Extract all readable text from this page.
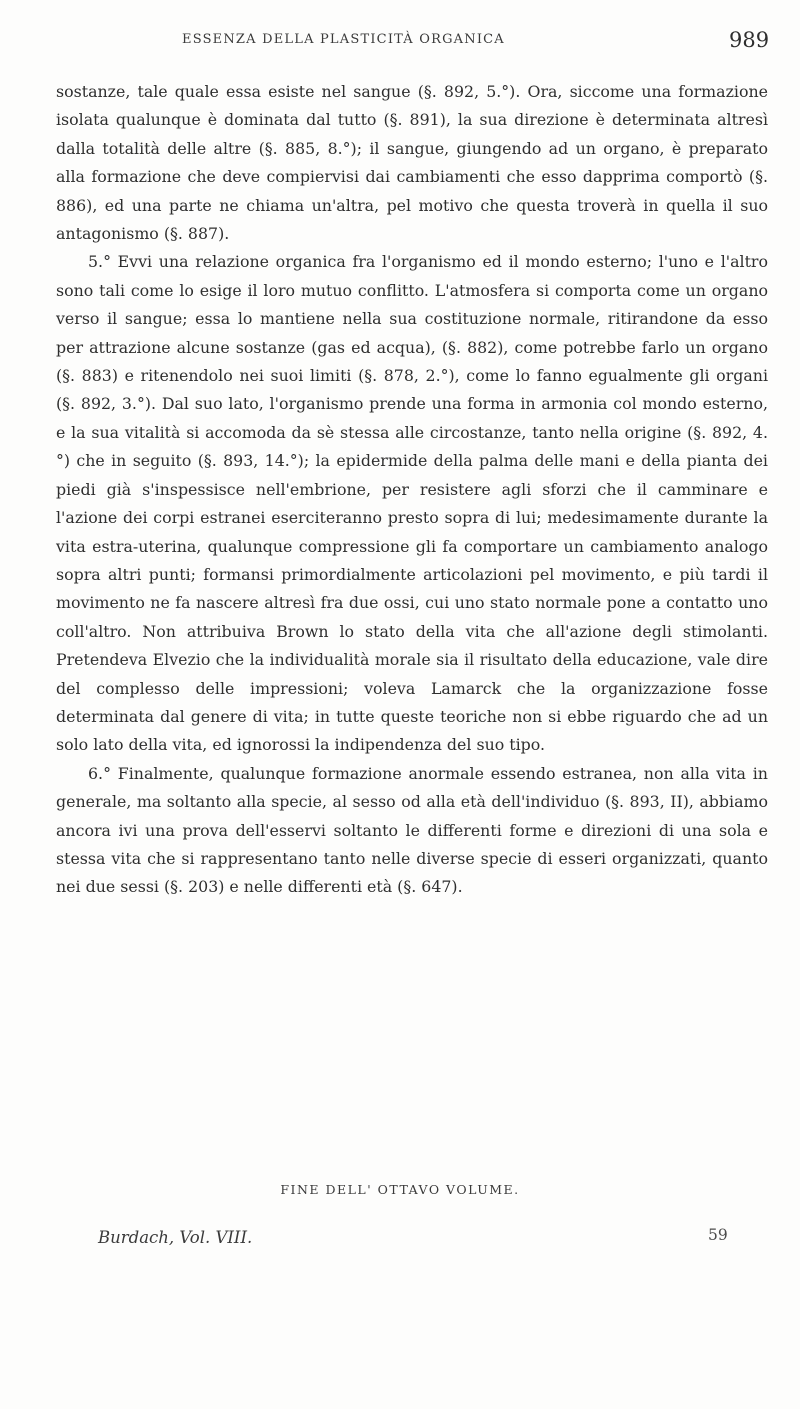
ESSENZA DELLA PLASTICITÀ ORGANICA	989

sostanze, tale quale essa esiste nel sangue (§. 892, 5.°). Ora, siccome una formazione isolata qualunque è dominata dal tutto (§. 891), la sua direzione è determinata altresì dalla totalità delle altre (§. 885, 8.°); il sangue, giungendo ad un organo, è preparato alla formazione che deve compiervisi dai cambiamenti che esso dapprima comportò (§. 886), ed una parte ne chiama un'altra, pel motivo che questa troverà in quella il suo antagonismo (§. 887).

5.° Evvi una relazione organica fra l'organismo ed il mondo esterno; l'uno e l'altro sono tali come lo esige il loro mutuo conflitto. L'atmosfera si comporta come un organo verso il sangue; essa lo mantiene nella sua costituzione normale, ritirandone da esso per attrazione alcune sostanze (gas ed acqua), (§. 882), come potrebbe farlo un organo (§. 883) e ritenendolo nei suoi limiti (§. 878, 2.°), come lo fanno egualmente gli organi (§. 892, 3.°). Dal suo lato, l'organismo prende una forma in armonia col mondo esterno, e la sua vitalità si accomoda da sè stessa alle circostanze, tanto nella origine (§. 892, 4.°) che in seguito (§. 893, 14.°); la epidermide della palma delle mani e della pianta dei piedi già s'inspessisce nell'embrione, per resistere agli sforzi che il camminare e l'azione dei corpi estranei eserciteranno presto sopra di lui; medesimamente durante la vita estra-uterina, qualunque compressione gli fa comportare un cambiamento analogo sopra altri punti; formansi primordialmente articolazioni pel movimento, e più tardi il movimento ne fa nascere altresì fra due ossi, cui uno stato normale pone a contatto uno coll'altro. Non attribuiva Brown lo stato della vita che all'azione degli stimolanti. Pretendeva Elvezio che la individualità morale sia il risultato della educazione, vale dire del complesso delle impressioni; voleva Lamarck che la organizzazione fosse determinata dal genere di vita; in tutte queste teoriche non si ebbe riguardo che ad un solo lato della vita, ed ignorossi la indipendenza del suo tipo.

6.° Finalmente, qualunque formazione anormale essendo estranea, non alla vita in generale, ma soltanto alla specie, al sesso od alla età dell'individuo (§. 893, II), abbiamo ancora ivi una prova dell'esservi soltanto le differenti forme e direzioni di una sola e stessa vita che si rappresentano tanto nelle diverse specie di esseri organizzati, quanto nei due sessi (§. 203) e nelle differenti età (§. 647).

FINE DELL' OTTAVO VOLUME.
Burdach, Vol. VIII.	59
